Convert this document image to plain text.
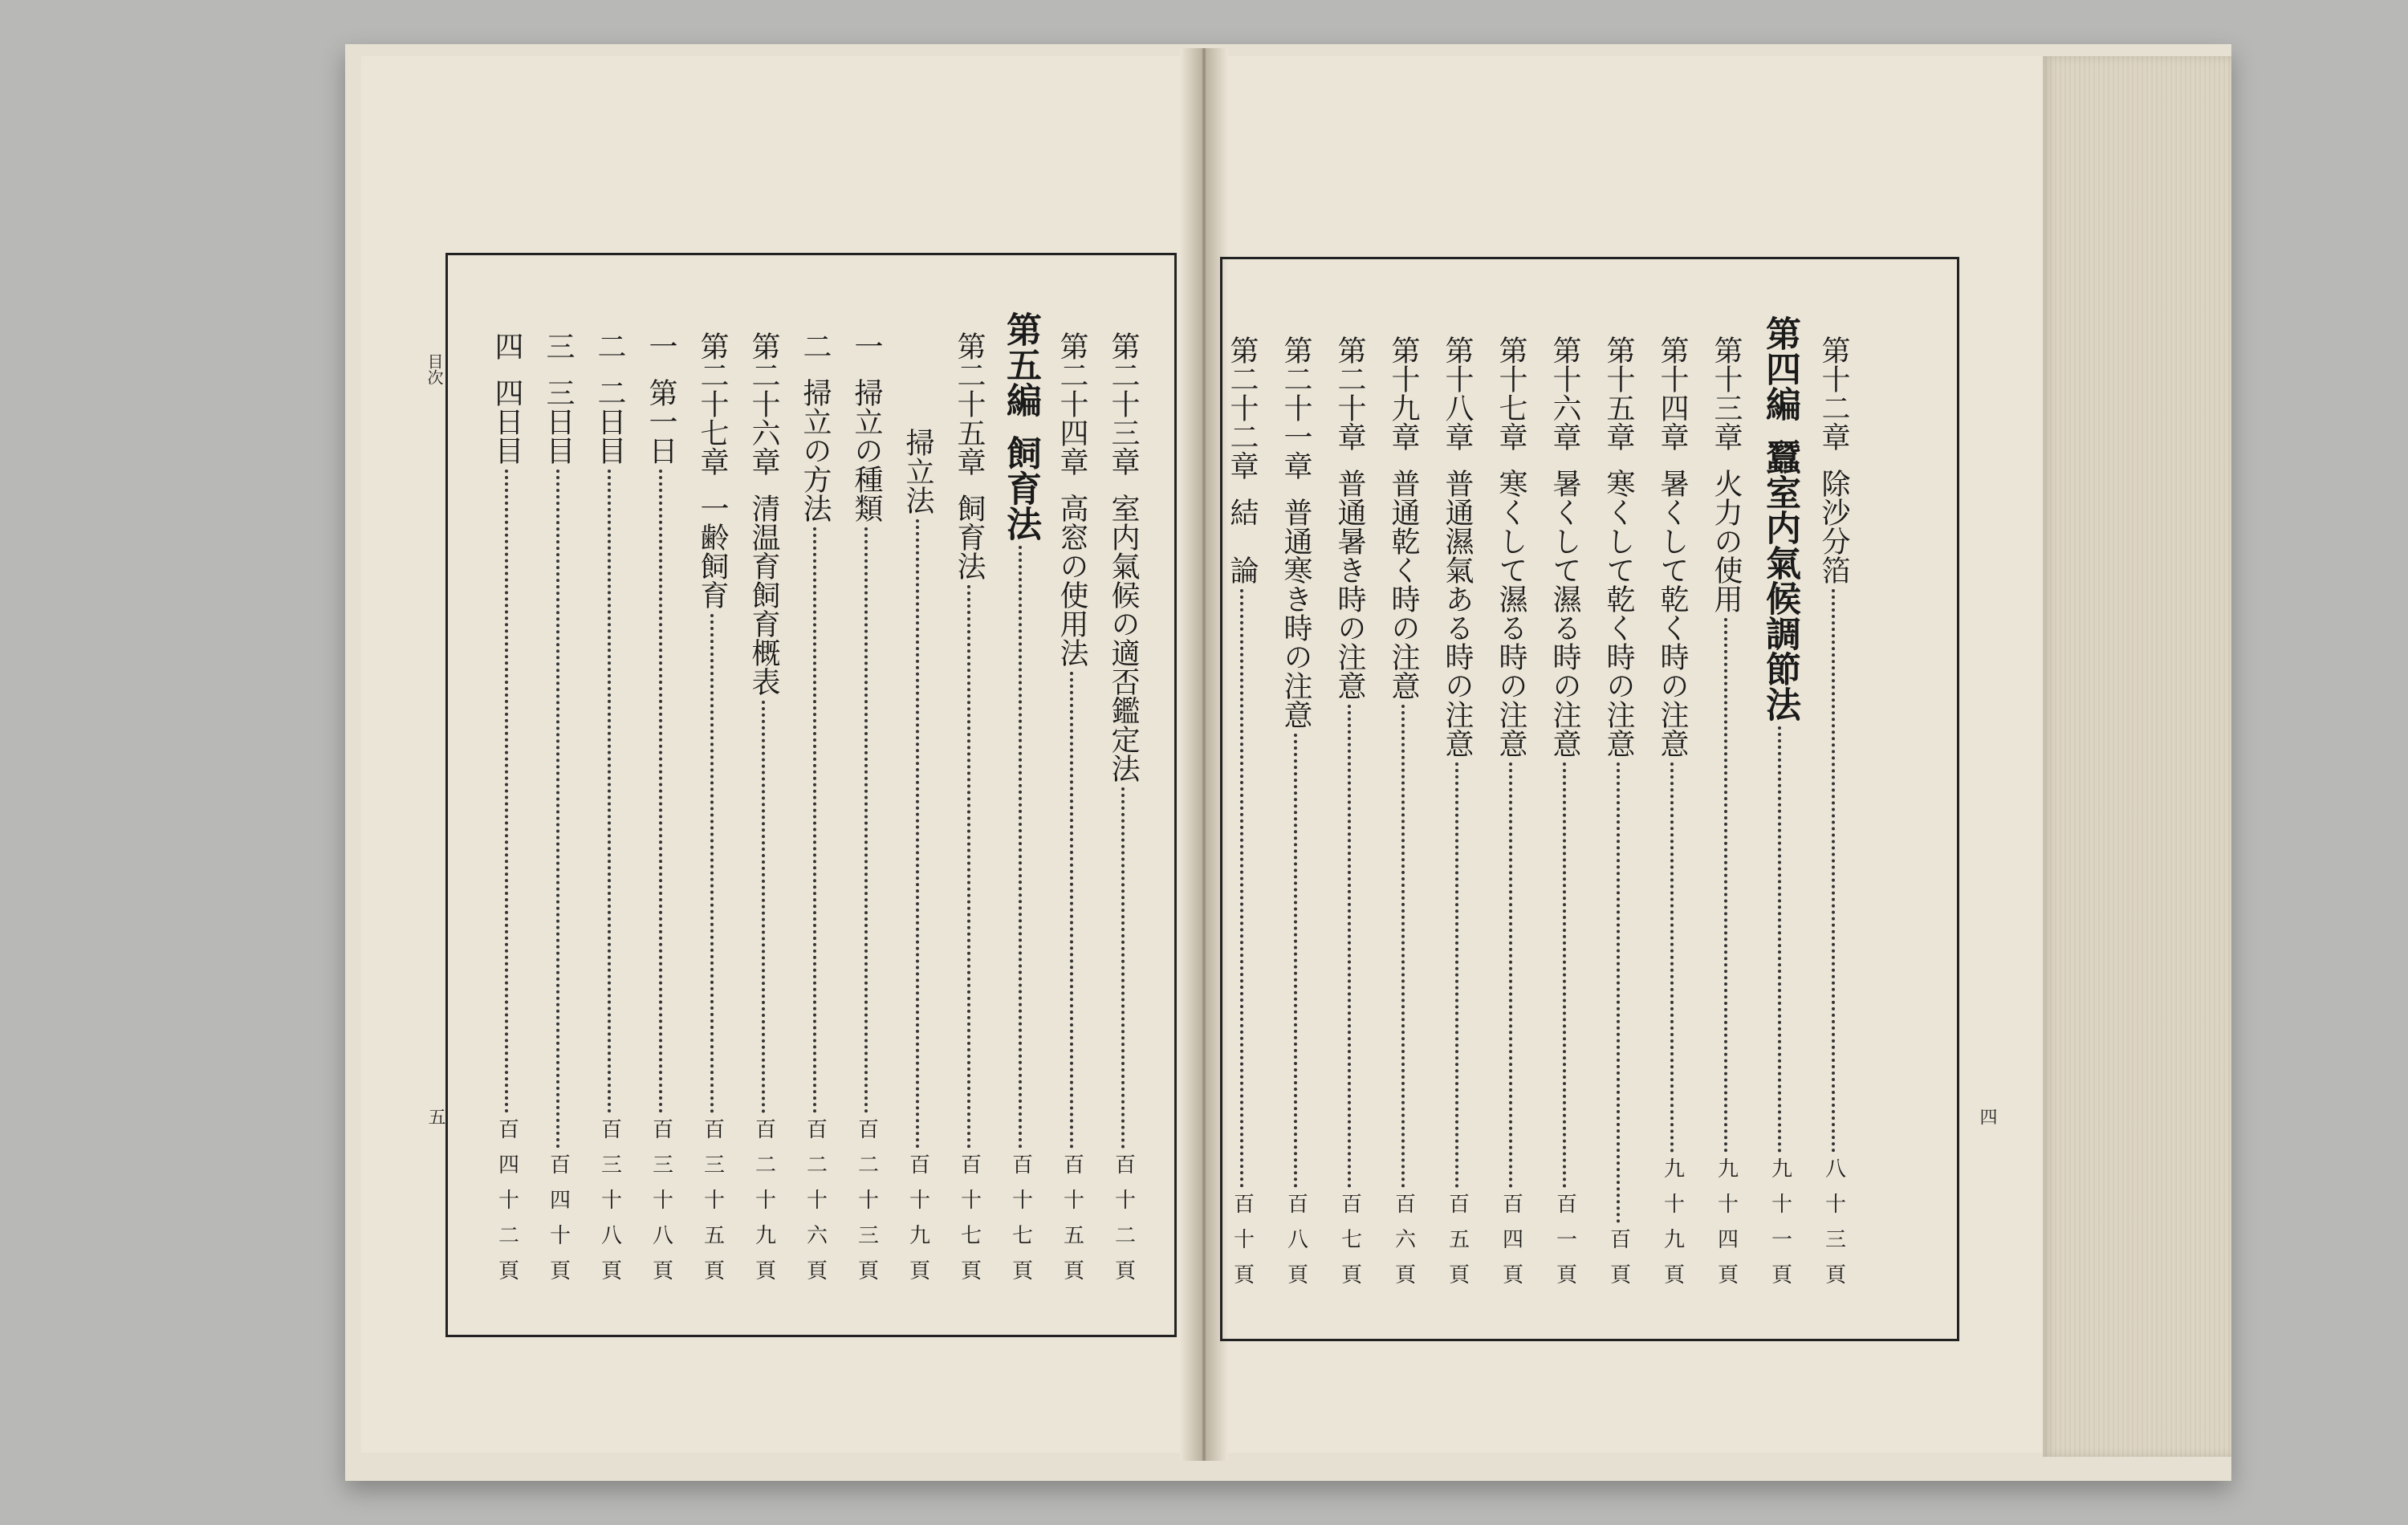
目次
五	四
第二十三章
室内氣候の適否鑑定法
百十二頁
第二十四章
高窓の使用法
百十五頁
第五編
飼育法
百十七頁
第二十五章
飼育法
百十七頁
掃立法
百十九頁
一
掃立の種類
百二十三頁
二
掃立の方法
百二十六頁
第二十六章
清温育飼育概表
百二十九頁
第二十七章
一齢飼育
百三十五頁
一
第一日
百三十八頁
二
二日目
百三十八頁
三
三日目
百四十頁
四
四日目
百四十二頁
第十二章
除沙分箔
八十三頁
第四編
蠶室内氣候調節法
九十一頁
第十三章
火力の使用
九十四頁
第十四章
暑くして乾く時の注意
九十九頁
第十五章
寒くして乾く時の注意
百頁
第十六章
暑くして濕る時の注意
百一頁
第十七章
寒くして濕る時の注意
百四頁
第十八章
普通濕氣ある時の注意
百五頁
第十九章
普通乾く時の注意
百六頁
第二十章
普通暑き時の注意
百七頁
第二十一章
普通寒き時の注意
百八頁
第二十二章
結　論
百十頁
